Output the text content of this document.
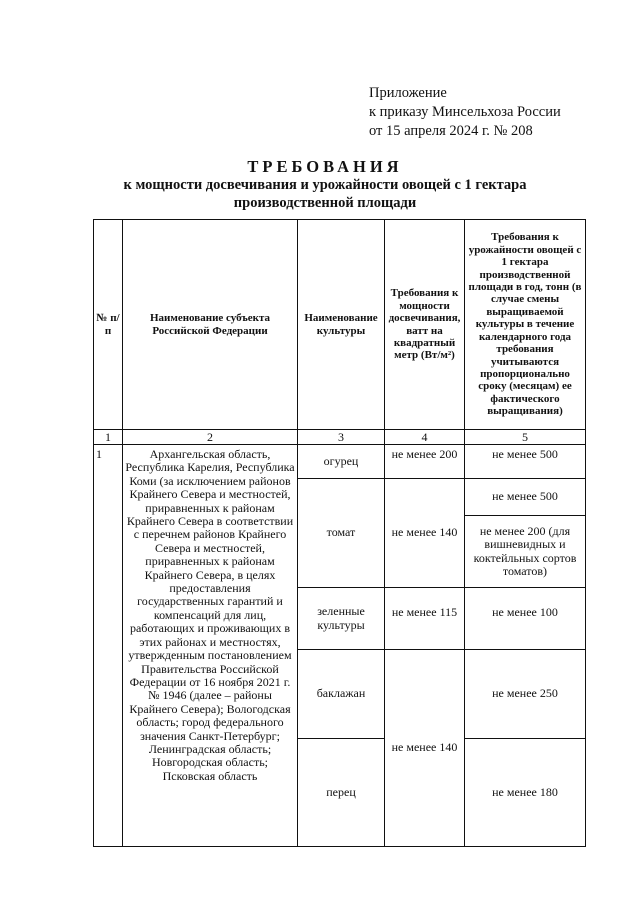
Приложение
к приказу Минсельхоза России
от 15 апреля 2024 г. № 208
ТРЕБОВАНИЯ
к мощности досвечивания и урожайности овощей с 1 гектара
производственной площади
№ п/п	Наименование субъекта Российской Федерации	Наименование культуры	Требования к мощности досвечивания, ватт на квадратный метр (Вт/м²)	Требования к урожайности овощей с 1 гектара производственной площади в год, тонн (в случае смены выращиваемой культуры в течение календарного года требования учитываются пропорционально сроку (месяцам) ее фактического выращивания)
1	2	3	4	5
1	Архангельская область, Республика Карелия, Республика Коми (за исключением районов Крайнего Севера и местностей, приравненных к районам Крайнего Севера в соответствии с перечнем районов Крайнего Севера и местностей, приравненных к районам Крайнего Севера, в целях предоставления государственных гарантий и компенсаций для лиц, работающих и проживающих в этих районах и местностях, утвержденным постановлением Правительства Российской Федерации от 16 ноября 2021 г. № 1946 (далее – районы Крайнего Севера); Вологодская область; город федерального значения Санкт-Петербург; Ленинградская область; Новгородская область; Псковская область	огурец	не менее 200	не менее 500
		томат	не менее 140	не менее 500
				не менее 200 (для вишневидных и коктейльных сортов томатов)
		зеленные культуры	не менее 115	не менее 100
		баклажан	не менее 140	не менее 250
		перец		не менее 180
